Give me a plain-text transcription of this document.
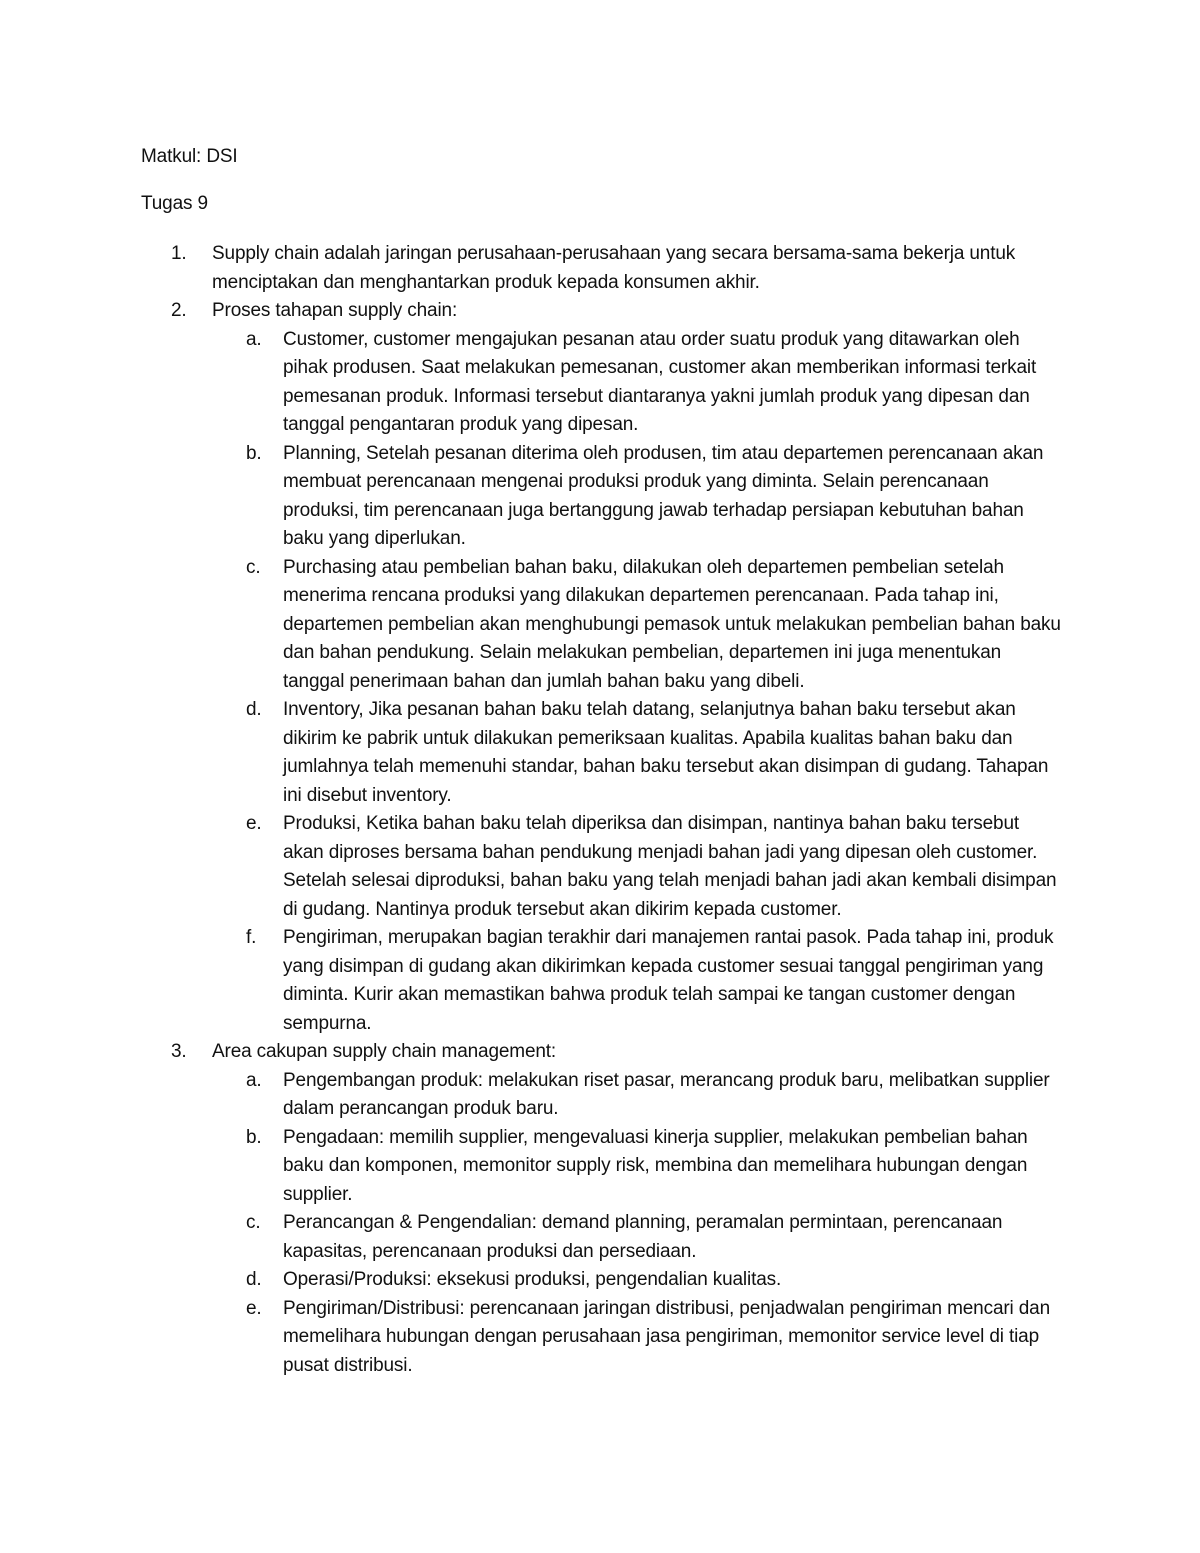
Matkul: DSI

Tugas 9

1. Supply chain adalah jaringan perusahaan-perusahaan yang secara bersama-sama bekerja untuk menciptakan dan menghantarkan produk kepada konsumen akhir.
2. Proses tahapan supply chain:
a. Customer, customer mengajukan pesanan atau order suatu produk yang ditawarkan oleh pihak produsen. Saat melakukan pemesanan, customer akan memberikan informasi terkait pemesanan produk. Informasi tersebut diantaranya yakni jumlah produk yang dipesan dan tanggal pengantaran produk yang dipesan.
b. Planning, Setelah pesanan diterima oleh produsen, tim atau departemen perencanaan akan membuat perencanaan mengenai produksi produk yang diminta. Selain perencanaan produksi, tim perencanaan juga bertanggung jawab terhadap persiapan kebutuhan bahan baku yang diperlukan.
c. Purchasing atau pembelian bahan baku, dilakukan oleh departemen pembelian setelah menerima rencana produksi yang dilakukan departemen perencanaan. Pada tahap ini, departemen pembelian akan menghubungi pemasok untuk melakukan pembelian bahan baku dan bahan pendukung. Selain melakukan pembelian, departemen ini juga menentukan tanggal penerimaan bahan dan jumlah bahan baku yang dibeli.
d. Inventory, Jika pesanan bahan baku telah datang, selanjutnya bahan baku tersebut akan dikirim ke pabrik untuk dilakukan pemeriksaan kualitas. Apabila kualitas bahan baku dan jumlahnya telah memenuhi standar, bahan baku tersebut akan disimpan di gudang. Tahapan ini disebut inventory.
e. Produksi, Ketika bahan baku telah diperiksa dan disimpan, nantinya bahan baku tersebut akan diproses bersama bahan pendukung menjadi bahan jadi yang dipesan oleh customer. Setelah selesai diproduksi, bahan baku yang telah menjadi bahan jadi akan kembali disimpan di gudang. Nantinya produk tersebut akan dikirim kepada customer.
f. Pengiriman, merupakan bagian terakhir dari manajemen rantai pasok. Pada tahap ini, produk yang disimpan di gudang akan dikirimkan kepada customer sesuai tanggal pengiriman yang diminta. Kurir akan memastikan bahwa produk telah sampai ke tangan customer dengan sempurna.
3. Area cakupan supply chain management:
a. Pengembangan produk: melakukan riset pasar, merancang produk baru, melibatkan supplier dalam perancangan produk baru.
b. Pengadaan: memilih supplier, mengevaluasi kinerja supplier, melakukan pembelian bahan baku dan komponen, memonitor supply risk, membina dan memelihara hubungan dengan supplier.
c. Perancangan & Pengendalian: demand planning, peramalan permintaan, perencanaan kapasitas, perencanaan produksi dan persediaan.
d. Operasi/Produksi: eksekusi produksi, pengendalian kualitas.
e. Pengiriman/Distribusi: perencanaan jaringan distribusi, penjadwalan pengiriman mencari dan memelihara hubungan dengan perusahaan jasa pengiriman, memonitor service level di tiap pusat distribusi.
